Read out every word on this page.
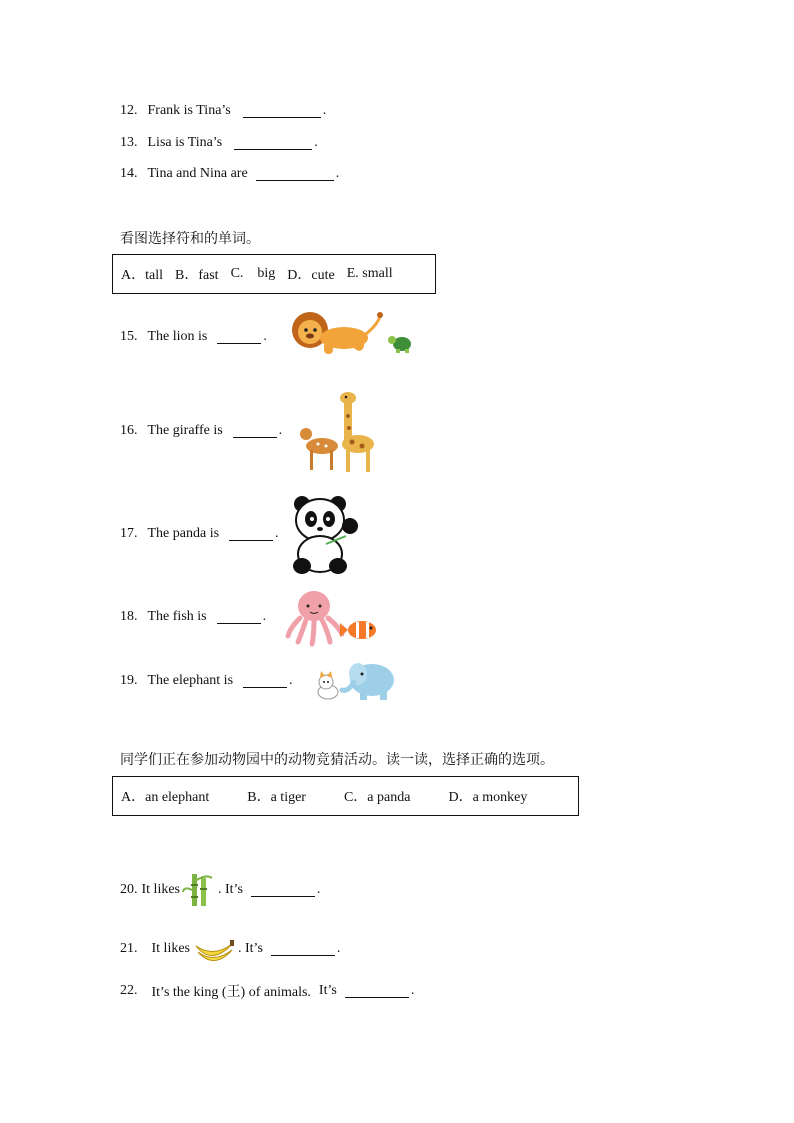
12. Frank is Tina’s	.
13. Lisa is Tina’s	.
14. Tina and Nina are	.
看图选择符和的单词。
A．tall B．fast C. big D．cute E. small
15. The lion is	.
16. The giraffe is	.
17. The panda is	.
18. The fish is	.
19. The elephant is	.
同学们正在参加动物园中的动物竞猜活动。读一读，选择正确的选项。
A．an elephant	B．a tiger	C．a panda	D．a monkey
20. It likes	. It’s	.
21. It likes	. It’s	.
22. It’s the king (王) of animals. It’s	.
